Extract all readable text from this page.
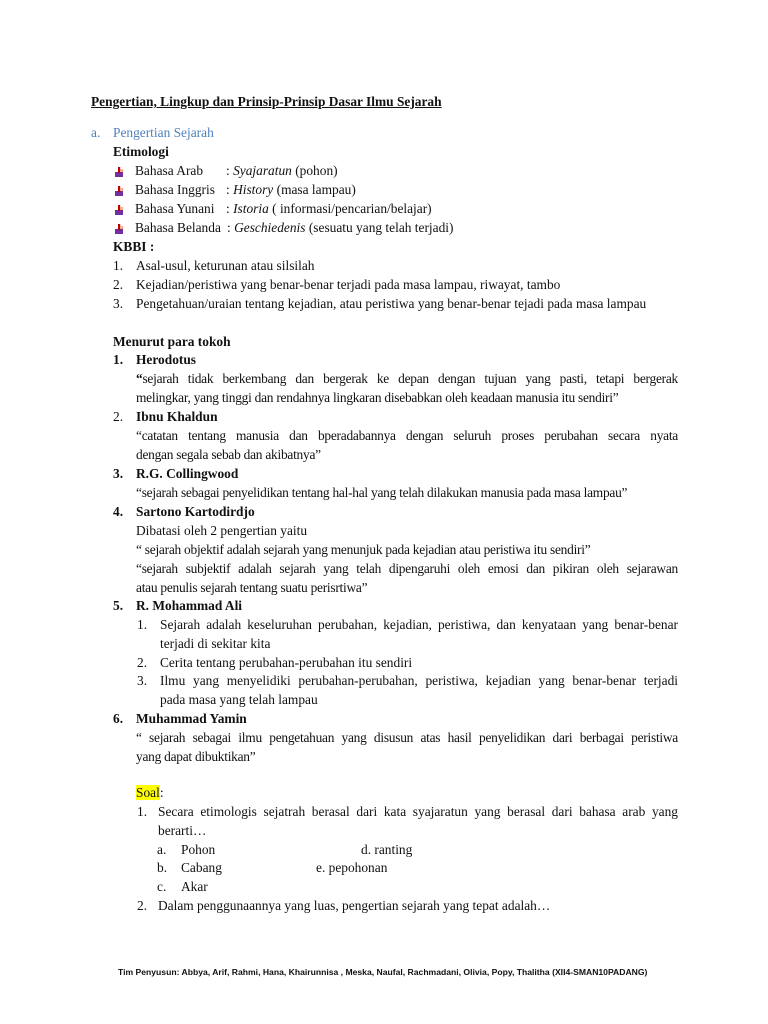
Pengertian, Lingkup dan Prinsip-Prinsip Dasar Ilmu Sejarah
a. Pengertian Sejarah
Etimologi
Bahasa Arab : Syajaratun (pohon)
Bahasa Inggris : History (masa lampau)
Bahasa Yunani : Istoria ( informasi/pencarian/belajar)
Bahasa Belanda : Geschiedenis (sesuatu yang telah terjadi)
KBBI :
1. Asal-usul, keturunan atau silsilah
2. Kejadian/peristiwa yang benar-benar terjadi pada masa lampau, riwayat, tambo
3. Pengetahuan/uraian tentang kejadian, atau peristiwa yang benar-benar tejadi pada masa lampau
Menurut para tokoh
1. Herodotus
“sejarah tidak berkembang dan bergerak ke depan dengan tujuan yang pasti, tetapi bergerak
melingkar, yang tinggi dan rendahnya lingkaran disebabkan oleh keadaan manusia itu sendiri”
2. Ibnu Khaldun
“catatan tentang manusia dan bperadabannya dengan seluruh proses perubahan secara nyata
dengan segala sebab dan akibatnya”
3. R.G. Collingwood
“sejarah sebagai penyelidikan tentang hal-hal yang telah dilakukan manusia pada masa lampau”
4. Sartono Kartodirdjo
Dibatasi oleh 2 pengertian yaitu
“ sejarah objektif adalah sejarah yang menunjuk pada kejadian atau peristiwa itu sendiri”
“sejarah subjektif adalah sejarah yang telah dipengaruhi oleh emosi dan pikiran oleh sejarawan
atau penulis sejarah tentang suatu perisrtiwa”
5. R. Mohammad Ali
1. Sejarah adalah keseluruhan perubahan, kejadian, peristiwa, dan kenyataan yang benar-benar
terjadi di sekitar kita
2. Cerita tentang perubahan-perubahan itu sendiri
3. Ilmu yang menyelidiki perubahan-perubahan, peristiwa, kejadian yang benar-benar terjadi
pada masa yang telah lampau
6. Muhammad Yamin
“ sejarah sebagai ilmu pengetahuan yang disusun atas hasil penyelidikan dari berbagai peristiwa
yang dapat dibuktikan”
Soal:
1. Secara etimologis sejatrah berasal dari kata syajaratun yang berasal dari bahasa arab yang
berarti…
a. Pohon	d. ranting
b. Cabang	e. pepohonan
c. Akar
2. Dalam penggunaannya yang luas, pengertian sejarah yang tepat adalah…
Tim Penyusun: Abbya, Arif, Rahmi, Hana, Khairunnisa , Meska, Naufal, Rachmadani, Olivia, Popy, Thalitha (XII4-SMAN10PADANG)
